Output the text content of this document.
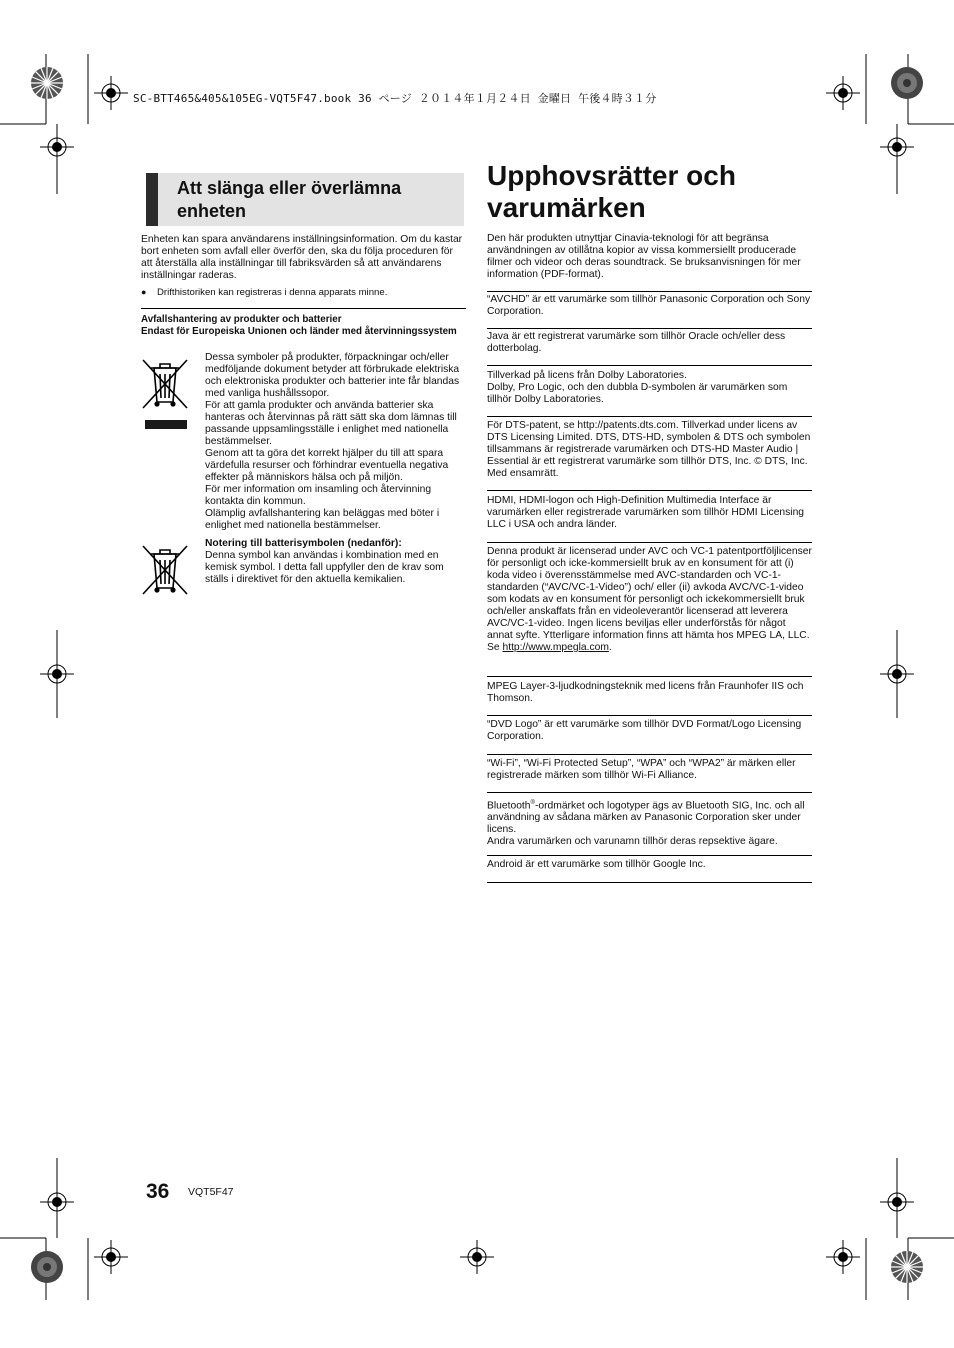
SC-BTT465&405&105EG-VQT5F47.book 36 ページ ２０１４年１月２４日 金曜日 午後４時３１分
Att slänga eller överlämna enheten
Enheten kan spara användarens inställningsinformation. Om du kastar bort enheten som avfall eller överför den, ska du följa proceduren för att återställa alla inställningar till fabriksvärden så att användarens inställningar raderas.
● Drifthistoriken kan registreras i denna apparats minne.
Avfallshantering av produkter och batterier
Endast för Europeiska Unionen och länder med återvinningssystem
Dessa symboler på produkter, förpackningar och/eller medföljande dokument betyder att förbrukade elektriska och elektroniska produkter och batterier inte får blandas med vanliga hushållssopor.
För att gamla produkter och använda batterier ska hanteras och återvinnas på rätt sätt ska dom lämnas till passande uppsamlingsställe i enlighet med nationella bestämmelser.
Genom att ta göra det korrekt hjälper du till att spara värdefulla resurser och förhindrar eventuella negativa effekter på människors hälsa och på miljön.
För mer information om insamling och återvinning kontakta din kommun.
Olämplig avfallshantering kan beläggas med böter i enlighet med nationella bestämmelser.
Notering till batterisymbolen (nedanför):
Denna symbol kan användas i kombination med en kemisk symbol. I detta fall uppfyller den de krav som ställs i direktivet för den aktuella kemikalien.
Upphovsrätter och varumärken
Den här produkten utnyttjar Cinavia-teknologi för att begränsa användningen av otillåtna kopior av vissa kommersiellt producerade filmer och videor och deras soundtrack. Se bruksanvisningen för mer information (PDF-format).
“AVCHD” är ett varumärke som tillhör Panasonic Corporation och Sony Corporation.
Java är ett registrerat varumärke som tillhör Oracle och/eller dess dotterbolag.
Tillverkad på licens från Dolby Laboratories.
Dolby, Pro Logic, och den dubbla D-symbolen är varumärken som tillhör Dolby Laboratories.
För DTS-patent, se http://patents.dts.com. Tillverkad under licens av DTS Licensing Limited. DTS, DTS-HD, symbolen & DTS och symbolen tillsammans är registrerade varumärken och DTS-HD Master Audio | Essential är ett registrerat varumärke som tillhör DTS, Inc. © DTS, Inc. Med ensamrätt.
HDMI, HDMI-logon och High-Definition Multimedia Interface är varumärken eller registrerade varumärken som tillhör HDMI Licensing LLC i USA och andra länder.
Denna produkt är licenserad under AVC och VC-1 patentportföljlicenser för personligt och icke-kommersiellt bruk av en konsument för att (i) koda video i överensstämmelse med AVC-standarden och VC-1-standarden (“AVC/VC-1-Video”) och/ eller (ii) avkoda AVC/VC-1-video som kodats av en konsument för personligt och ickekommersiellt bruk och/eller anskaffats från en videoleverantör licenserad att leverera AVC/VC-1-video. Ingen licens beviljas eller underförstås för något annat syfte. Ytterligare information finns att hämta hos MPEG LA, LLC.
Se http://www.mpegla.com.
MPEG Layer-3-ljudkodningsteknik med licens från Fraunhofer IIS och Thomson.
“DVD Logo” är ett varumärke som tillhör DVD Format/Logo Licensing Corporation.
“Wi-Fi”, “Wi-Fi Protected Setup”, “WPA” och “WPA2” är märken eller registrerade märken som tillhör Wi-Fi Alliance.
Bluetooth®-ordmärket och logotyper ägs av Bluetooth SIG, Inc. och all användning av sådana märken av Panasonic Corporation sker under licens.
Andra varumärken och varunamn tillhör deras repsektive ägare.
Android är ett varumärke som tillhör Google Inc.
36 VQT5F47
